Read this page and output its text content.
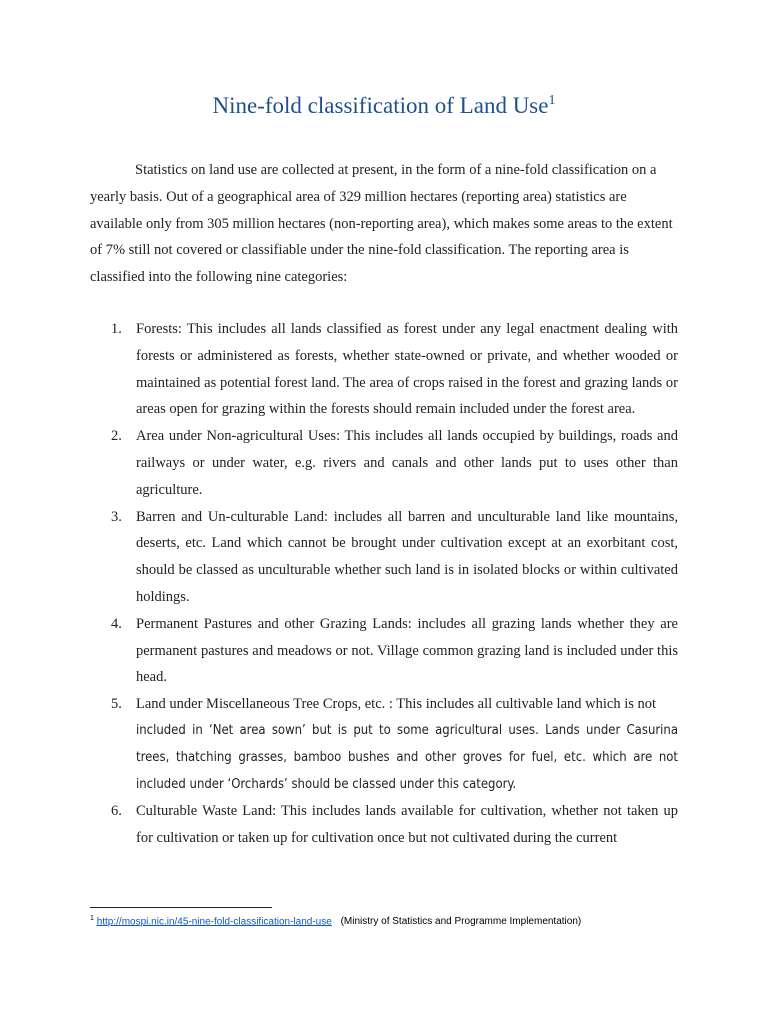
Nine-fold classification of Land Use$^1$

Statistics on land use are collected at present, in the form of a nine-fold classification on a yearly basis. Out of a geographical area of 329 million hectares (reporting area) statistics are available only from 305 million hectares (non-reporting area), which makes some areas to the extent of 7% still not covered or classifiable under the nine-fold classification. The reporting area is classified into the following nine categories:

1. Forests: This includes all lands classified as forest under any legal enactment dealing with forests or administered as forests, whether state-owned or private, and whether wooded or maintained as potential forest land. The area of crops raised in the forest and grazing lands or areas open for grazing within the forests should remain included under the forest area.
2. Area under Non-agricultural Uses: This includes all lands occupied by buildings, roads and railways or under water, e.g. rivers and canals and other lands put to uses other than agriculture.
3. Barren and Un-culturable Land: includes all barren and unculturable land like mountains, deserts, etc. Land which cannot be brought under cultivation except at an exorbitant cost, should be classed as unculturable whether such land is in isolated blocks or within cultivated holdings.
4. Permanent Pastures and other Grazing Lands: includes all grazing lands whether they are permanent pastures and meadows or not. Village common grazing land is included under this head.
5. Land under Miscellaneous Tree Crops, etc. : This includes all cultivable land which is not
included in ‘Net area sown’ but is put to some agricultural uses. Lands under Casurina trees, thatching grasses, bamboo bushes and other groves for fuel, etc. which are not included under ‘Orchards’ should be classed under this category.
6. Culturable Waste Land: This includes lands available for cultivation, whether not taken up for cultivation or taken up for cultivation once but not cultivated during the current
$^1$ http://mospi.nic.in/45-nine-fold-classification-land-use (Ministry of Statistics and Programme Implementation)
